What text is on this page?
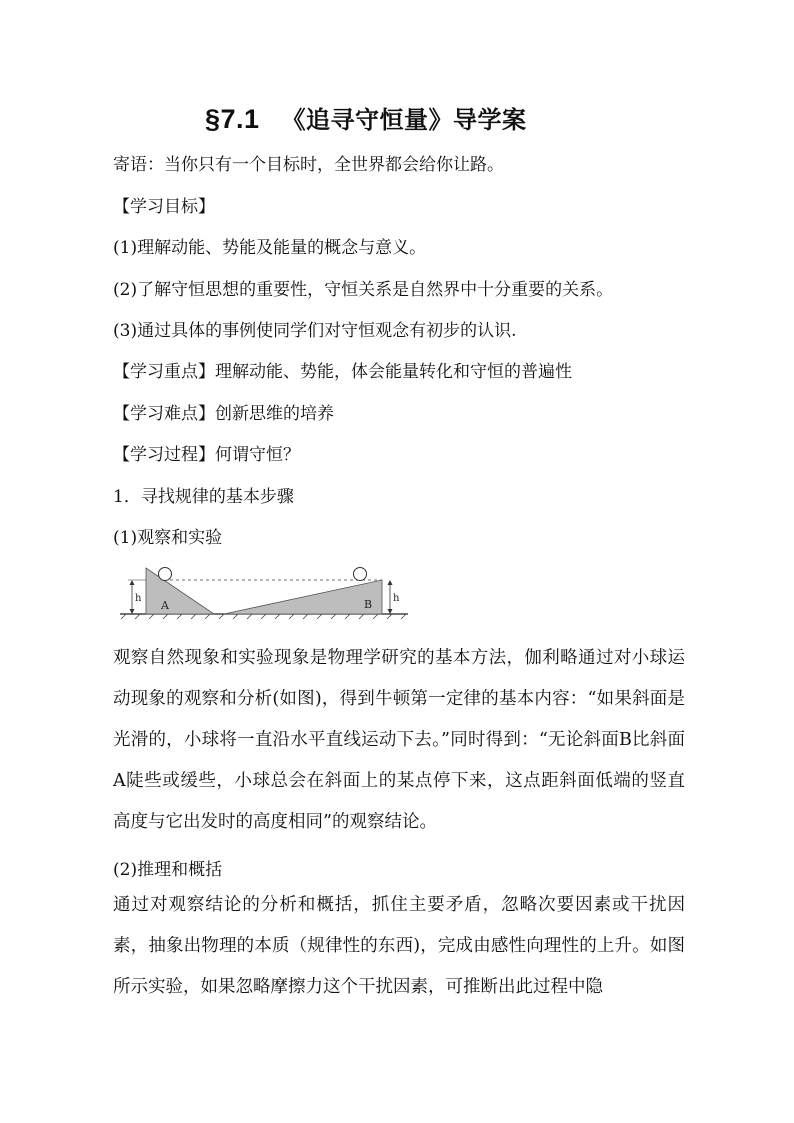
§7.1 《追寻守恒量》导学案
寄语：当你只有一个目标时，全世界都会给你让路。
【学习目标】
(1)理解动能、势能及能量的概念与意义。
(2)了解守恒思想的重要性，守恒关系是自然界中十分重要的关系。
(3)通过具体的事例使同学们对守恒观念有初步的认识.
【学习重点】理解动能、势能，体会能量转化和守恒的普遍性
【学习难点】创新思维的培养
【学习过程】何谓守恒？
1．寻找规律的基本步骤
(1)观察和实验
A	B
h	h
观察自然现象和实验现象是物理学研究的基本方法，伽利略通过对小球运动现象的观察和分析(如图)，得到牛顿第一定律的基本内容：“如果斜面是光滑的，小球将一直沿水平直线运动下去。”同时得到：“无论斜面B比斜面A陡些或缓些，小球总会在斜面上的某点停下来，这点距斜面低端的竖直高度与它出发时的高度相同”的观察结论。
(2)推理和概括
通过对观察结论的分析和概括，抓住主要矛盾，忽略次要因素或干扰因素，抽象出物理的本质（规律性的东西)，完成由感性向理性的上升。如图所示实验，如果忽略摩擦力这个干扰因素，可推断出此过程中隐
